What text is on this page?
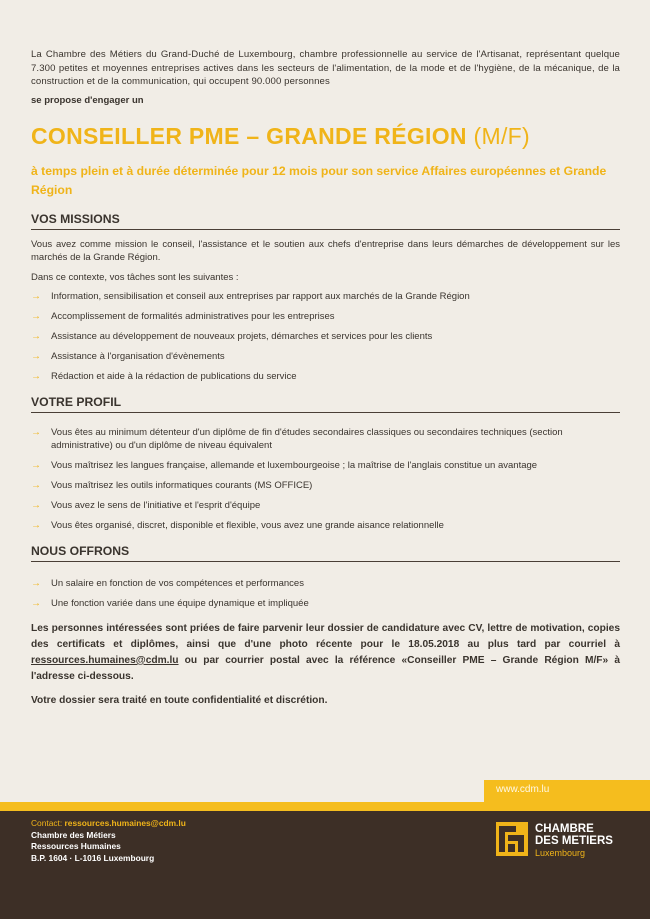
La Chambre des Métiers du Grand-Duché de Luxembourg, chambre professionnelle au service de l'Artisanat, représentant quelque 7.300 petites et moyennes entreprises actives dans les secteurs de l'alimentation, de la mode et de l'hygiène, de la mécanique, de la construction et de la communication, qui occupent 90.000 personnes

se propose d'engager un

CONSEILLER PME – GRANDE RÉGION (M/F)

à temps plein et à durée déterminée pour 12 mois pour son service Affaires européennes et Grande Région

VOS MISSIONS

Vous avez comme mission le conseil, l'assistance et le soutien aux chefs d'entreprise dans leurs démarches de développement sur les marchés de la Grande Région.

Dans ce contexte, vos tâches sont les suivantes :

→ Information, sensibilisation et conseil aux entreprises par rapport aux marchés de la Grande Région
→ Accomplissement de formalités administratives pour les entreprises
→ Assistance au développement de nouveaux projets, démarches et services pour les clients
→ Assistance à l'organisation d'évènements
→ Rédaction et aide à la rédaction de publications du service
VOTRE PROFIL
→ Vous êtes au minimum détenteur d'un diplôme de fin d'études secondaires classiques ou secondaires techniques (section administrative) ou d'un diplôme de niveau équivalent
→ Vous maîtrisez les langues française, allemande et luxembourgeoise ; la maîtrise de l'anglais constitue un avantage
→ Vous maîtrisez les outils informatiques courants (MS OFFICE)
→ Vous avez le sens de l'initiative et l'esprit d'équipe
→ Vous êtes organisé, discret, disponible et flexible, vous avez une grande aisance relationnelle
NOUS OFFRONS
→ Un salaire en fonction de vos compétences et performances
→ Une fonction variée dans une équipe dynamique et impliquée

Les personnes intéressées sont priées de faire parvenir leur dossier de candidature avec CV, lettre de motivation, copies des certificats et diplômes, ainsi que d'une photo récente pour le 18.05.2018 au plus tard par courriel à ressources.humaines@cdm.lu ou par courrier postal avec la référence «Conseiller PME – Grande Région M/F» à l'adresse ci-dessous.

Votre dossier sera traité en toute confidentialité et discrétion.

www.cdm.lu
Contact: ressources.humaines@cdm.lu
Chambre des Métiers
Ressources Humaines
B.P. 1604 · L-1016 Luxembourg
CHAMBRE
DES METIERS
Luxembourg
